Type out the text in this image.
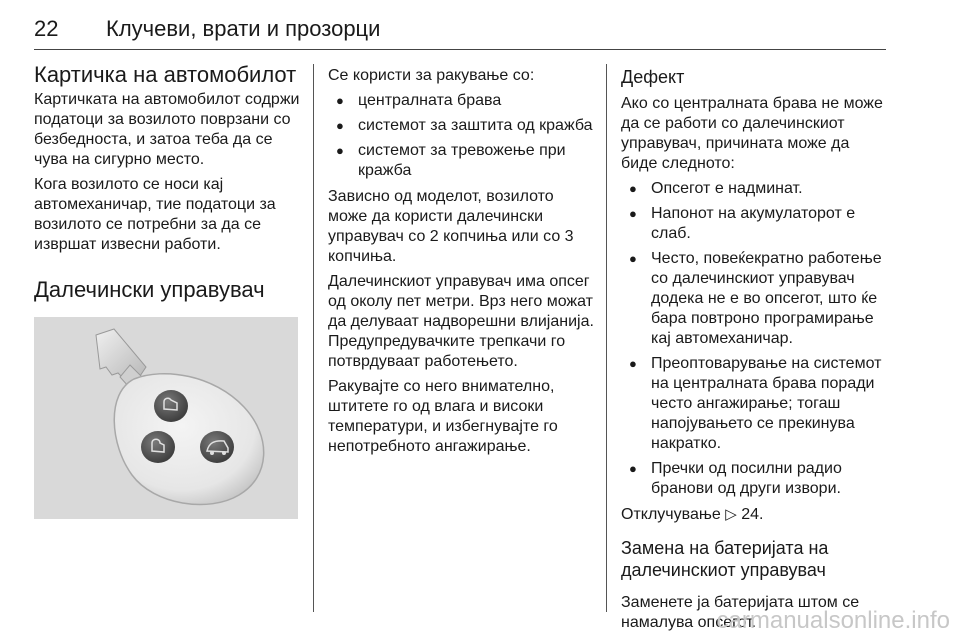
22 Клучеви, врати и прозорци
Картичка на автомобилот

Картичката на автомобилот содржи податоци за возилото поврзани со безбедноста, и затоа теба да се чува на сигурно место.

Кога возилото се носи кај автомеханичар, тие податоци за возилото се потребни за да се извршат извесни работи.

Далечински управувач

Се користи за ракување со:

● централната брава
● системот за заштита од кражба
● системот за тревожење при кражба

Зависно од моделот, возилото може да користи далечински управувач со 2 копчиња или со 3 копчиња.

Далечинскиот управувач има опсег од околу пет метри. Врз него можат да делуваат надворешни влијанија. Предупредувачките трепкачи го потврдуваат работењето.

Ракувајте со него внимателно, штитете го од влага и високи температури, и избегнувајте го непотребното ангажирање.

Дефект

Ако со централната брава не може да се работи со далечинскиот управувач, причината може да биде следното:

● Опсегот е надминат.
● Напонот на акумулаторот е слаб.
● Често, повеќекратно работење со далечинскиот управувач додека не е во опсегот, што ќе бара повтроно програмирање кај автомеханичар.
● Преоптоварување на системот на централната брава поради често ангажирање; тогаш напојувањето се прекинува накратко.
● Пречки од посилни радио бранови од други извори.

Отклучување ▷ 24.

Замена на батеријата на далечинскиот управувач

Заменете ја батеријата штом се намалува опсегот.

carmanualsonline.info
